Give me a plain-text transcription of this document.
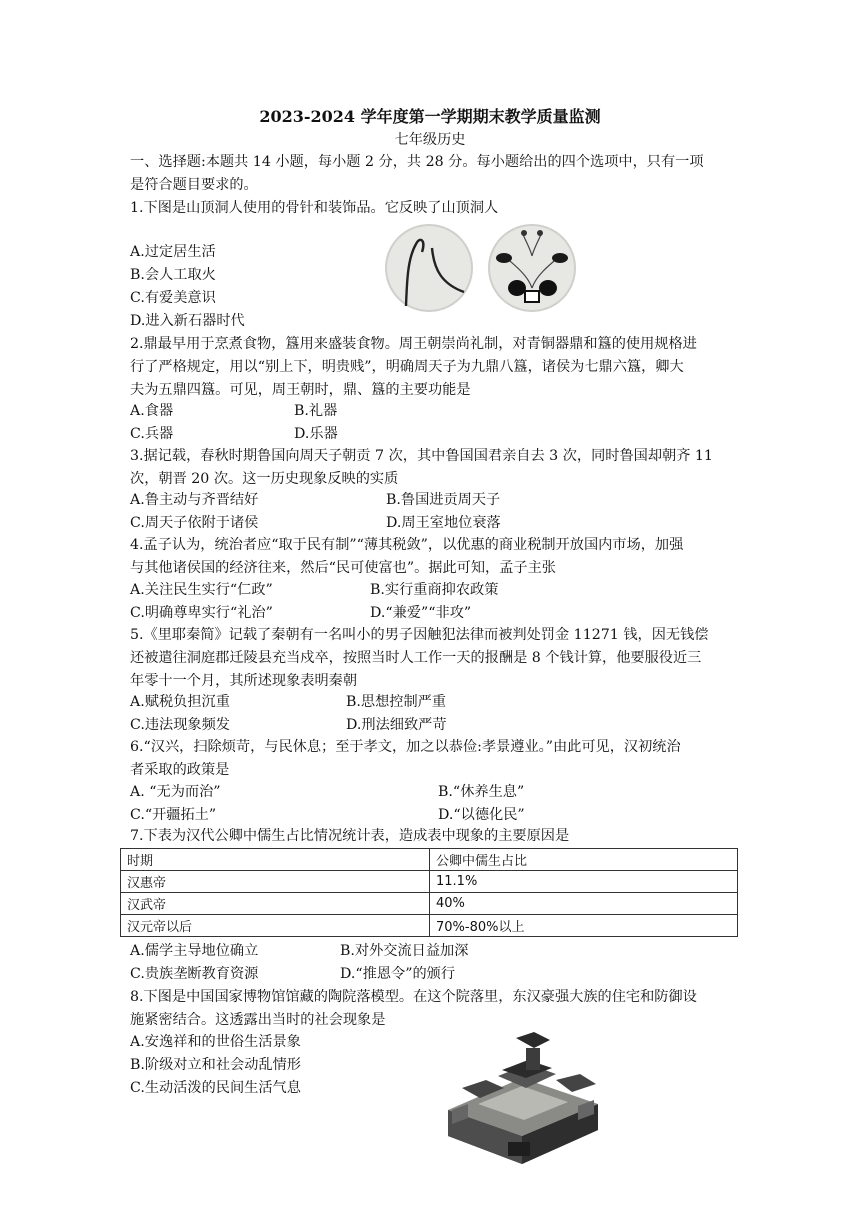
2023-2024 学年度第一学期期末教学质量监测
七年级历史
一、选择题:本题共 14 小题，每小题 2 分，共 28 分。每小题给出的四个选项中，只有一项
是符合题目要求的。
1.下图是山顶洞人使用的骨针和装饰品。它反映了山顶洞人
A.过定居生活
B.会人工取火
C.有爱美意识
D.进入新石器时代
2.鼎最早用于烹煮食物，簋用来盛装食物。周王朝崇尚礼制，对青铜器鼎和簋的使用规格进
行了严格规定，用以“别上下，明贵贱”，明确周天子为九鼎八簋，诸侯为七鼎六簋，卿大
夫为五鼎四簋。可见，周王朝时，鼎、簋的主要功能是
A.食器	B.礼器
C.兵器	D.乐器
3.据记载，春秋时期鲁国向周天子朝贡 7 次，其中鲁国国君亲自去 3 次，同时鲁国却朝齐 11
次，朝晋 20 次。这一历史现象反映的实质
A.鲁主动与齐晋结好	B.鲁国进贡周天子
C.周天子依附于诸侯	D.周王室地位衰落
4.孟子认为，统治者应“取于民有制”“薄其税敛”，以优惠的商业税制开放国内市场，加强
与其他诸侯国的经济往来，然后“民可使富也”。据此可知，孟子主张
A.关注民生实行“仁政”	B.实行重商抑农政策
C.明确尊卑实行“礼治”	D.“兼爱”“非攻”
5.《里耶秦简》记载了秦朝有一名叫小的男子因触犯法律而被判处罚金 11271 钱，因无钱偿
还被遣往洞庭郡迁陵县充当戍卒，按照当时人工作一天的报酬是 8 个钱计算，他要服役近三
年零十一个月，其所述现象表明秦朝
A.赋税负担沉重	B.思想控制严重
C.违法现象频发	D.刑法细致严苛
6.“汉兴，扫除烦苛，与民休息；至于孝文，加之以恭俭:孝景遵业。”由此可见，汉初统治
者采取的政策是
A. “无为而治”	B.“休养生息”
C.“开疆拓土”	D.“以德化民”
7.下表为汉代公卿中儒生占比情况统计表，造成表中现象的主要原因是
时期	公卿中儒生占比
汉惠帝	11.1%
汉武帝	40%
汉元帝以后	70%-80%以上
A.儒学主导地位确立	B.对外交流日益加深
C.贵族垄断教育资源	D.“推恩令”的颁行
8.下图是中国国家博物馆馆藏的陶院落模型。在这个院落里，东汉豪强大族的住宅和防御设
施紧密结合。这透露出当时的社会现象是
A.安逸祥和的世俗生活景象
B.阶级对立和社会动乱情形
C.生动活泼的民间生活气息
